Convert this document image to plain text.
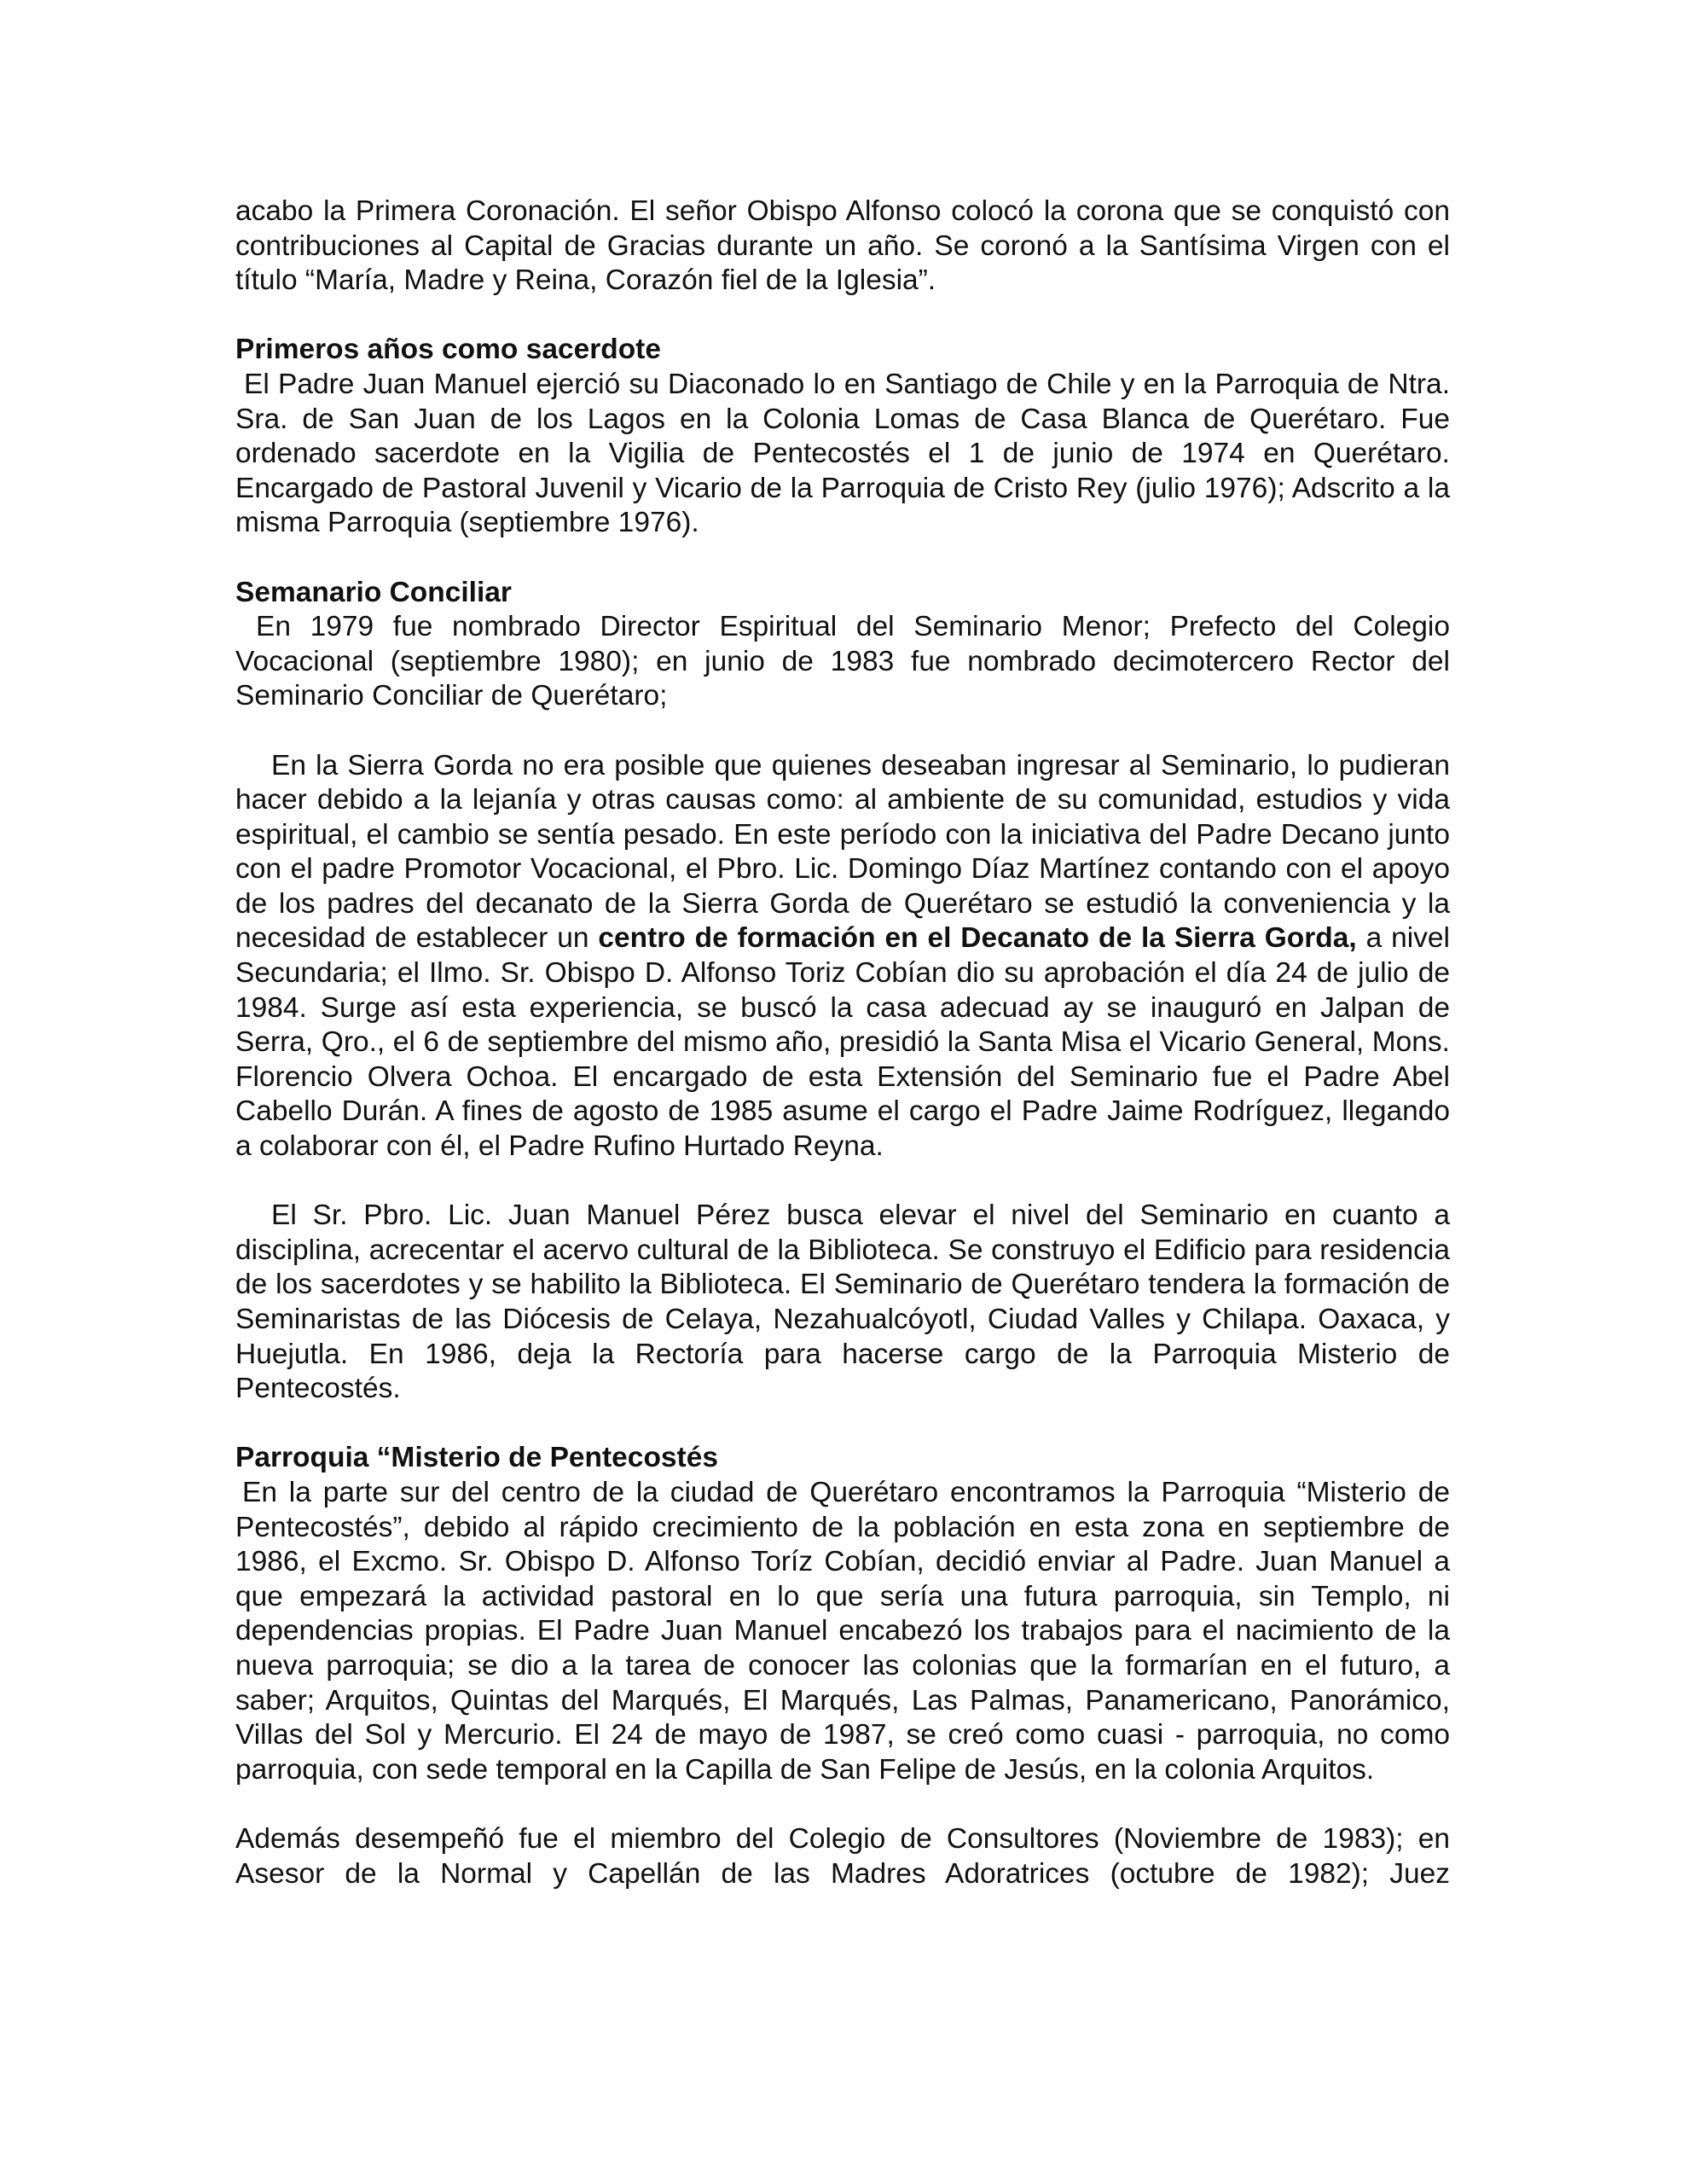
acabo la Primera Coronación. El señor Obispo Alfonso colocó la corona que se conquistó con contribuciones al Capital de Gracias durante un año. Se coronó a la Santísima Virgen con el título “María, Madre y Reina, Corazón fiel de la Iglesia”.

Primeros años como sacerdote

El Padre Juan Manuel ejerció su Diaconado lo en Santiago de Chile y en la Parroquia de Ntra. Sra. de San Juan de los Lagos en la Colonia Lomas de Casa Blanca de Querétaro. Fue ordenado sacerdote en la Vigilia de Pentecostés el 1 de junio de 1974 en Querétaro. Encargado de Pastoral Juvenil y Vicario de la Parroquia de Cristo Rey (julio 1976); Adscrito a la misma Parroquia (septiembre 1976).

Semanario Conciliar

En 1979 fue nombrado Director Espiritual del Seminario Menor; Prefecto del Colegio Vocacional (septiembre 1980); en junio de 1983 fue nombrado decimotercero Rector del Seminario Conciliar de Querétaro;

En la Sierra Gorda no era posible que quienes deseaban ingresar al Seminario, lo pudieran hacer debido a la lejanía y otras causas como: al ambiente de su comunidad, estudios y vida espiritual, el cambio se sentía pesado. En este período con la iniciativa del Padre Decano junto con el padre Promotor Vocacional, el Pbro. Lic. Domingo Díaz Martínez contando con el apoyo de los padres del decanato de la Sierra Gorda de Querétaro se estudió la conveniencia y la necesidad de establecer un centro de formación en el Decanato de la Sierra Gorda, a nivel Secundaria; el Ilmo. Sr. Obispo D. Alfonso Toriz Cobían dio su aprobación el día 24 de julio de 1984. Surge así esta experiencia, se buscó la casa adecuad ay se inauguró en Jalpan de Serra, Qro., el 6 de septiembre del mismo año, presidió la Santa Misa el Vicario General, Mons. Florencio Olvera Ochoa. El encargado de esta Extensión del Seminario fue el Padre Abel Cabello Durán. A fines de agosto de 1985 asume el cargo el Padre Jaime Rodríguez, llegando a colaborar con él, el Padre Rufino Hurtado Reyna.

El Sr. Pbro. Lic. Juan Manuel Pérez busca elevar el nivel del Seminario en cuanto a disciplina, acrecentar el acervo cultural de la Biblioteca. Se construyo el Edificio para residencia de los sacerdotes y se habilito la Biblioteca. El Seminario de Querétaro tendera la formación de Seminaristas de las Diócesis de Celaya, Nezahualcóyotl, Ciudad Valles y Chilapa. Oaxaca, y Huejutla. En 1986, deja la Rectoría para hacerse cargo de la Parroquia Misterio de Pentecostés.

Parroquia “Misterio de Pentecostés

En la parte sur del centro de la ciudad de Querétaro encontramos la Parroquia “Misterio de Pentecostés”, debido al rápido crecimiento de la población en esta zona en septiembre de 1986, el Excmo. Sr. Obispo D. Alfonso Toríz Cobían, decidió enviar al Padre. Juan Manuel a que empezará la actividad pastoral en lo que sería una futura parroquia, sin Templo, ni dependencias propias. El Padre Juan Manuel encabezó los trabajos para el nacimiento de la nueva parroquia; se dio a la tarea de conocer las colonias que la formarían en el futuro, a saber; Arquitos, Quintas del Marqués, El Marqués, Las Palmas, Panamericano, Panorámico, Villas del Sol y Mercurio. El 24 de mayo de 1987, se creó como cuasi - parroquia, no como parroquia, con sede temporal en la Capilla de San Felipe de Jesús, en la colonia Arquitos.

Además desempeñó fue el miembro del Colegio de Consultores (Noviembre de 1983); en Asesor de la Normal y Capellán de las Madres Adoratrices (octubre de 1982); Juez
